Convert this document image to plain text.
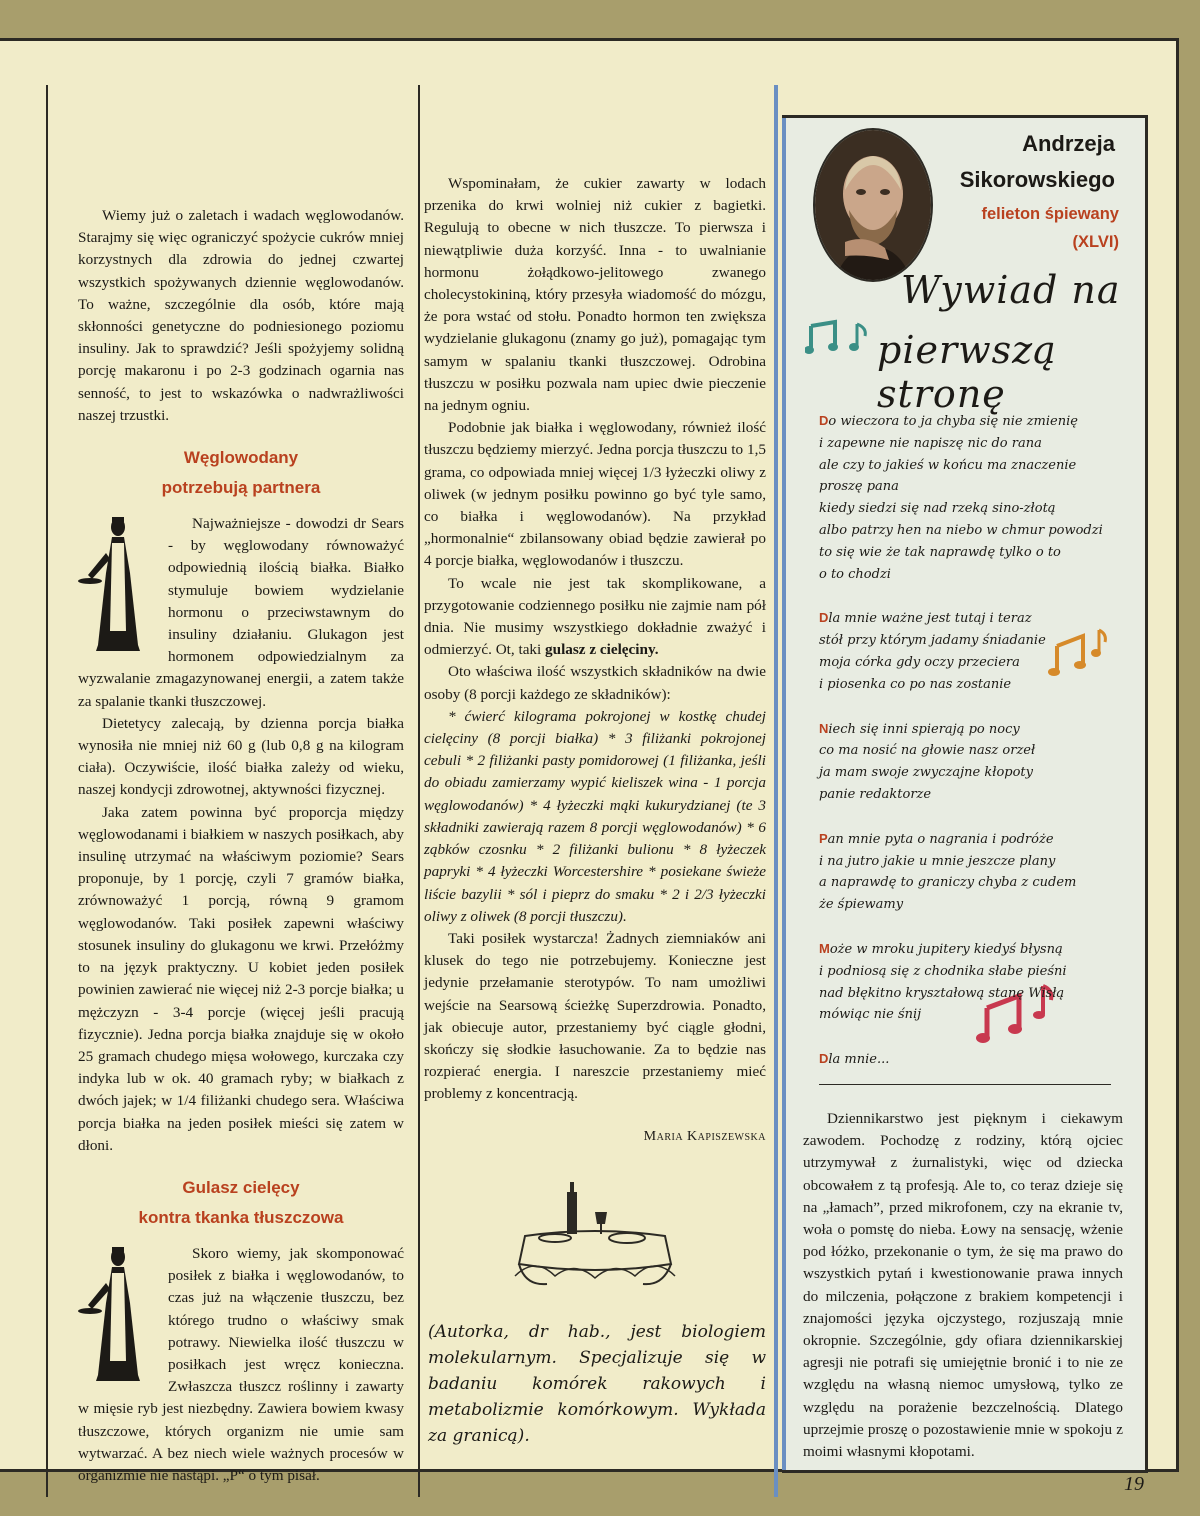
Wiemy już o zaletach i wadach węglowodanów. Starajmy się więc ograniczyć spożycie cukrów mniej korzystnych dla zdrowia do jednej czwartej wszystkich spożywanych dziennie węglowodanów. To ważne, szczególnie dla osób, które mają skłonności genetyczne do podniesionego poziomu insuliny. Jak to sprawdzić? Jeśli spożyjemy solidną porcję makaronu i po 2-3 godzinach ogarnia nas senność, to jest to wskazówka o nadwrażliwości naszej trzustki.

Węglowodany
potrzebują partnera

Najważniejsze - dowodzi dr Sears - by węglowodany równoważyć odpowiednią ilością białka. Białko stymuluje bowiem wydzielanie hormonu o przeciwstawnym do insuliny działaniu. Glukagon jest hormonem odpowiedzialnym za wyzwalanie zmagazynowanej energii, a zatem także za spalanie tkanki tłuszczowej.

Dietetycy zalecają, by dzienna porcja białka wynosiła nie mniej niż 60 g (lub 0,8 g na kilogram ciała). Oczywiście, ilość białka zależy od wieku, naszej kondycji zdrowotnej, aktywności fizycznej.

Jaka zatem powinna być proporcja między węglowodanami i białkiem w naszych posiłkach, aby insulinę utrzymać na właściwym poziomie? Sears proponuje, by 1 porcję, czyli 7 gramów białka, zrównoważyć 1 porcją, równą 9 gramom węglowodanów. Taki posiłek zapewni właściwy stosunek insuliny do glukagonu we krwi. Przełóżmy to na język praktyczny. U kobiet jeden posiłek powinien zawierać nie więcej niż 2-3 porcje białka; u mężczyzn - 3-4 porcje (więcej jeśli pracują fizycznie). Jedna porcja białka znajduje się w około 25 gramach chudego mięsa wołowego, kurczaka czy indyka lub w ok. 40 gramach ryby; w białkach z dwóch jajek; w 1/4 filiżanki chudego sera. Właściwa porcja białka na jeden posiłek mieści się zatem w dłoni.

Gulasz cielęcy
kontra tkanka tłuszczowa

Skoro wiemy, jak skomponować posiłek z białka i węglowodanów, to czas już na włączenie tłuszczu, bez którego trudno o właściwy smak potrawy. Niewielka ilość tłuszczu w posiłkach jest wręcz konieczna. Zwłaszcza tłuszcz roślinny i zawarty w mięsie ryb jest niezbędny. Zawiera bowiem kwasy tłuszczowe, których organizm nie umie sam wytwarzać. A bez niech wiele ważnych procesów w organizmie nie nastąpi. „P“ o tym pisał.

Wspominałam, że cukier zawarty w lodach przenika do krwi wolniej niż cukier z bagietki. Regulują to obecne w nich tłuszcze. To pierwsza i niewątpliwie duża korzyść. Inna - to uwalnianie hormonu żołądkowo-jelitowego zwanego cholecystokininą, który przesyła wiadomość do mózgu, że pora wstać od stołu. Ponadto hormon ten zwiększa wydzielanie glukagonu (znamy go już), pomagając tym samym w spalaniu tkanki tłuszczowej. Odrobina tłuszczu w posiłku pozwala nam upiec dwie pieczenie na jednym ogniu.

Podobnie jak białka i węglowodany, również ilość tłuszczu będziemy mierzyć. Jedna porcja tłuszczu to 1,5 grama, co odpowiada mniej więcej 1/3 łyżeczki oliwy z oliwek (w jednym posiłku powinno go być tyle samo, co białka i węglowodanów). Na przykład „hormonalnie“ zbilansowany obiad będzie zawierał po 4 porcje białka, węglowodanów i tłuszczu.

To wcale nie jest tak skomplikowane, a przygotowanie codziennego posiłku nie zajmie nam pół dnia. Nie musimy wszystkiego dokładnie zważyć i odmierzyć. Ot, taki gulasz z cielęciny.

Oto właściwa ilość wszystkich składników na dwie osoby (8 porcji każdego ze składników):

* ćwierć kilograma pokrojonej w kostkę chudej cielęciny (8 porcji białka) * 3 filiżanki pokrojonej cebuli * 2 filiżanki pasty pomidorowej (1 filiżanka, jeśli do obiadu zamierzamy wypić kieliszek wina - 1 porcja węglowodanów) * 4 łyżeczki mąki kukurydzianej (te 3 składniki zawierają razem 8 porcji węglowodanów) * 6 ząbków czosnku * 2 filiżanki bulionu * 8 łyżeczek papryki * 4 łyżeczki Worcestershire * posiekane świeże liście bazylii * sól i pieprz do smaku * 2 i 2/3 łyżeczki oliwy z oliwek (8 porcji tłuszczu).

Taki posiłek wystarcza! Żadnych ziemniaków ani klusek do tego nie potrzebujemy. Konieczne jest jedynie przełamanie sterotypów. To nam umożliwi wejście na Searsową ścieżkę Superzdrowia. Ponadto, jak obiecuje autor, przestaniemy być ciągle głodni, skończy się słodkie łasuchowanie. Za to będzie nas rozpierać energia. I nareszcie przestaniemy mieć problemy z koncentracją.

Maria Kapiszewska
(Autorka, dr hab., jest biologiem molekularnym. Specjalizuje się w badaniu komórek rakowych i metabolizmie komórkowym. Wykłada za granicą).
Andrzeja
Sikorowskiego
felieton śpiewany
(XLVI)
Wywiad na
pierwszą stronę
Do wieczora to ja chyba się nie zmienię
i zapewne nie napiszę nic do rana
ale czy to jakieś w końcu ma znaczenie
proszę pana
kiedy siedzi się nad rzeką sino-złotą
albo patrzy hen na niebo w chmur powodzi
to się wie że tak naprawdę tylko o to
o to chodzi
Dla mnie ważne jest tutaj i teraz
stół przy którym jadamy śniadanie
moja córka gdy oczy przeciera
i piosenka co po nas zostanie
Niech się inni spierają po nocy
co ma nosić na głowie nasz orzeł
ja mam swoje zwyczajne kłopoty
panie redaktorze
Pan mnie pyta o nagrania i podróże
i na jutro jakie u mnie jeszcze plany
a naprawdę to graniczy chyba z cudem
że śpiewamy
Może w mroku jupitery kiedyś błysną
i podniosą się z chodnika słabe pieśni
nad błękitno kryształową stanę Wisłą
mówiąc nie śnij
Dla mnie...

Dziennikarstwo jest pięknym i ciekawym zawodem. Pochodzę z rodziny, którą ojciec utrzymywał z żurnalistyki, więc od dziecka obcowałem z tą profesją. Ale to, co teraz dzieje się na „łamach”, przed mikrofonem, czy na ekranie tv, woła o pomstę do nieba. Łowy na sensację, wżenie pod łóżko, przekonanie o tym, że się ma prawo do wszystkich pytań i kwestionowanie prawa innych do milczenia, połączone z brakiem kompetencji i znajomości języka ojczystego, rozjuszają mnie okropnie. Szczególnie, gdy ofiara dziennikarskiej agresji nie potrafi się umiejętnie bronić i to nie ze względu na własną niemoc umysłową, tylko ze względu na porażenie bezczelnością. Dlatego uprzejmie proszę o pozostawienie mnie w spokoju z moimi własnymi kłopotami.

19
